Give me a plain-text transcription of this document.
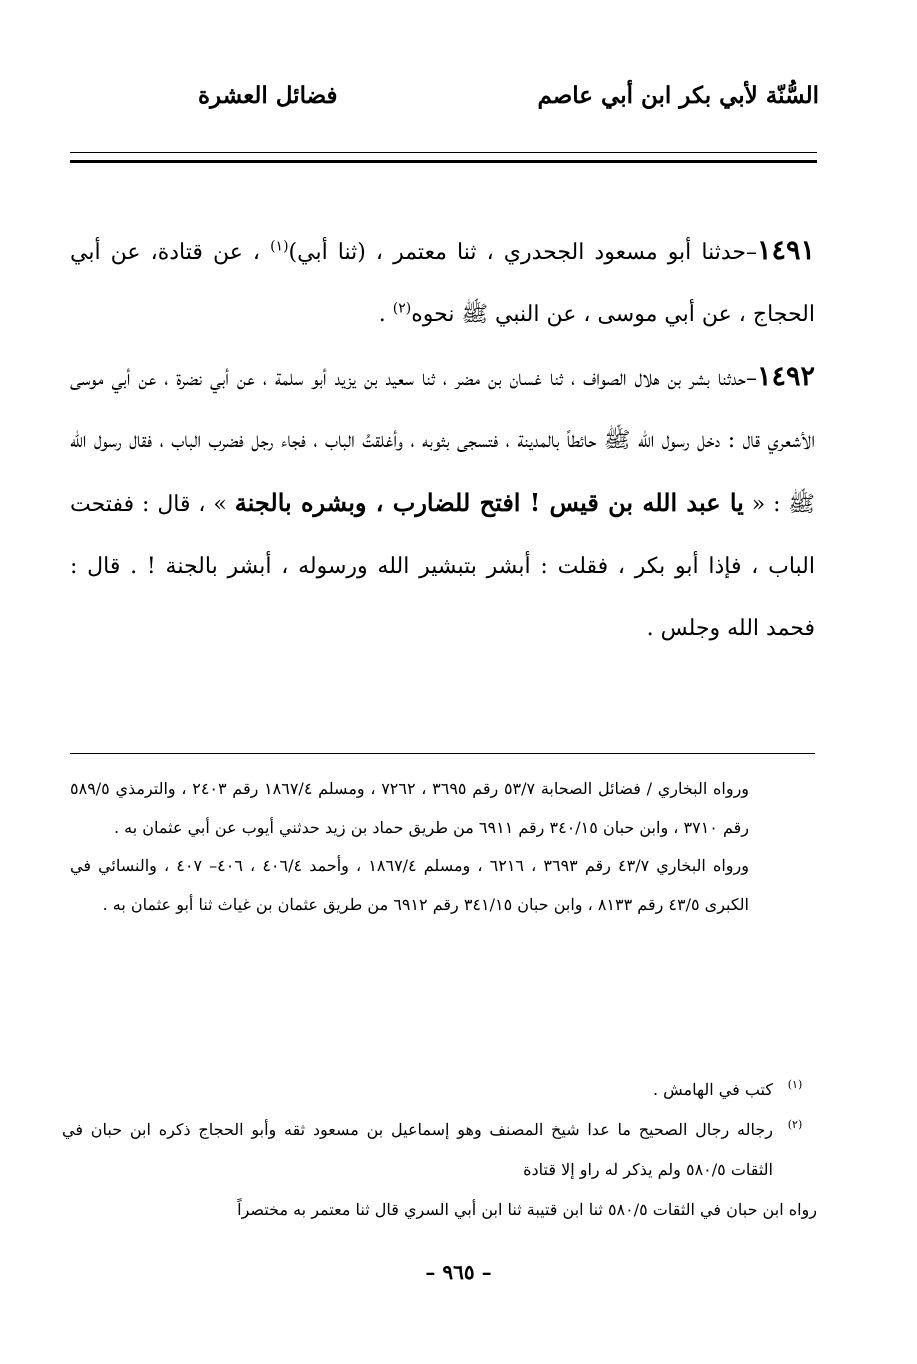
السُّنّة لأبي بكر ابن أبي عاصم
فضائل العشرة

١٤٩١–حدثنا أبو مسعود الجحدري ، ثنا معتمر ، (ثنا أبي)$^{(١)}$ ، عن قتادة، عن أبي الحجاج ، عن أبي موسى ، عن النبي ﷺ نحوه$^{(٢)}$ .

١٤٩٢–حدثنا بشر بن هلال الصواف ، ثنا غسان بن مضر ، ثنا سعيد بن يزيد أبو سلمة ، عن أبي نضرة ، عن أبي موسى الأشعري قال : دخل رسول الله ﷺ حائطاً بالمدينة ، فتسجى بثوبه ، وأغلقتُ الباب ، فجاء رجل فضرب الباب ، فقال رسول الله ﷺ : « يا عبد الله بن قيس ! افتح للضارب ، وبشره بالجنة » ، قال : ففتحت الباب ، فإذا أبو بكر ، فقلت : أبشر بتبشير الله ورسوله ، أبشر بالجنة ! . قال : فحمد الله وجلس .

ورواه البخاري / فضائل الصحابة ٥٣/٧ رقم ٣٦٩٥ ، ٧٢٦٢ ، ومسلم ١٨٦٧/٤ رقم ٢٤٠٣ ، والترمذي ٥٨٩/٥ رقم ٣٧١٠ ، وابن حبان ٣٤٠/١٥ رقم ٦٩١١ من طريق حماد بن زيد حدثني أيوب عن أبي عثمان به .

ورواه البخاري ٤٣/٧ رقم ٣٦٩٣ ، ٦٢١٦ ، ومسلم ١٨٦٧/٤ ، وأحمد ٤٠٦/٤ ، ٤٠٦– ٤٠٧ ، والنسائي في الكبرى ٤٣/٥ رقم ٨١٣٣ ، وابن حبان ٣٤١/١٥ رقم ٦٩١٢ من طريق عثمان بن غياث ثنا أبو عثمان به .

(١)
كتب في الهامش .
(٢)
رجاله رجال الصحيح ما عدا شيخ المصنف وهو إسماعيل بن مسعود ثقه وأبو الحجاج ذكره ابن حبان في الثقات ٥٨٠/٥ ولم يذكر له راو إلا قتادة
رواه ابن حبان في الثقات ٥٨٠/٥ ثنا ابن قتيبة ثنا ابن أبي السري قال ثنا معتمر به مختصراً
– ٩٦٥ –
